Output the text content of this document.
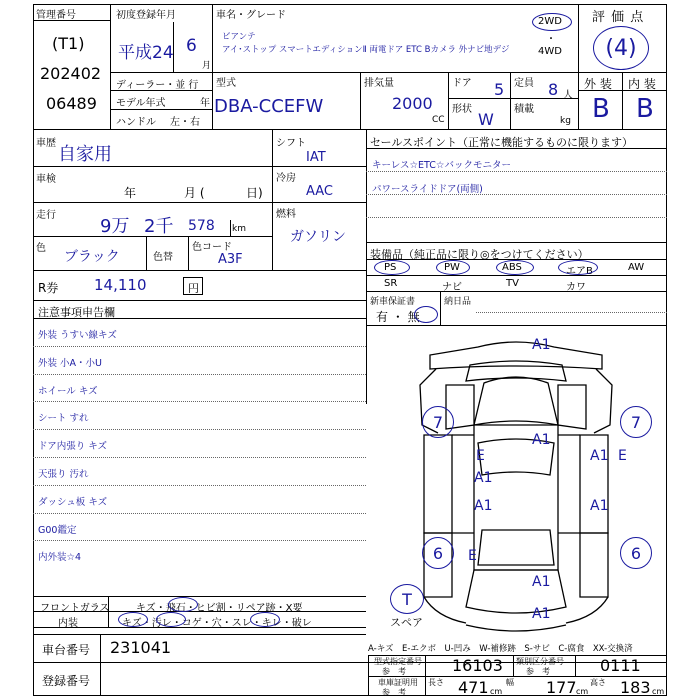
管理番号
(T1)
202402
06489
初度登録年月
平成24 6
月
車名・グレード
ビアンテ
アイ･ストップ スマートエディションⅡ 両電ドア ETC Bカメラ 外ナビ地デジ
2WD
・
4WD
評 価 点
(4)
ディーラー・並 行
モデル年式	年
ハンドル 左・右
型式
DBA-CCEFW
排気量
2000
CC
ドア 5 定員 8 人
形状
W
積載
kg
外 装 内 装
B B
車歴
自家用
車検
年	月 (	日)
走行
9万 2千 578 km
色
ブラック	色替
色コード
A3F
シフト
IAT
冷房
AAC
燃料
ガソリン
セールスポイント（正常に機能するものに限ります）
キーレス☆ETC☆バックモニター
パワースライドドア(両側)
装備品（純正品に限り◎をつけてください）
PS	PW	ABS	エアB	AW
SR	ナビ	TV	カワ
新車保証書
有 ・ 無
納日品
R券 14,110	円
注意事項申告欄
外装 うすい線キズ
外装 小A・小U
ホイール キズ
シート すれ
ドア内張り キズ
天張り 汚れ
ダッシュ板 キズ
G00鑑定
内外装☆4
フロントガラス	キズ・飛石・ヒビ割・リペア跡・X要
内装	キズ・汚レ・コゲ・穴・スレ・キレ・破レ
車台番号 231041
登録番号
A1
A1
E
A1
A1 E
A1	A1
E
A1
A1
7	7
6	6
T
スペア
A-キズ　E-エクボ　U-凹み　W-補修跡　S-サビ　C-腐食　XX-交換済
型式指定番号
参　考	16103 類別区分番号
参　考	0111
車庫証明用
参　考
長さ 471 cm
幅 177 cm
高さ 183 cm
